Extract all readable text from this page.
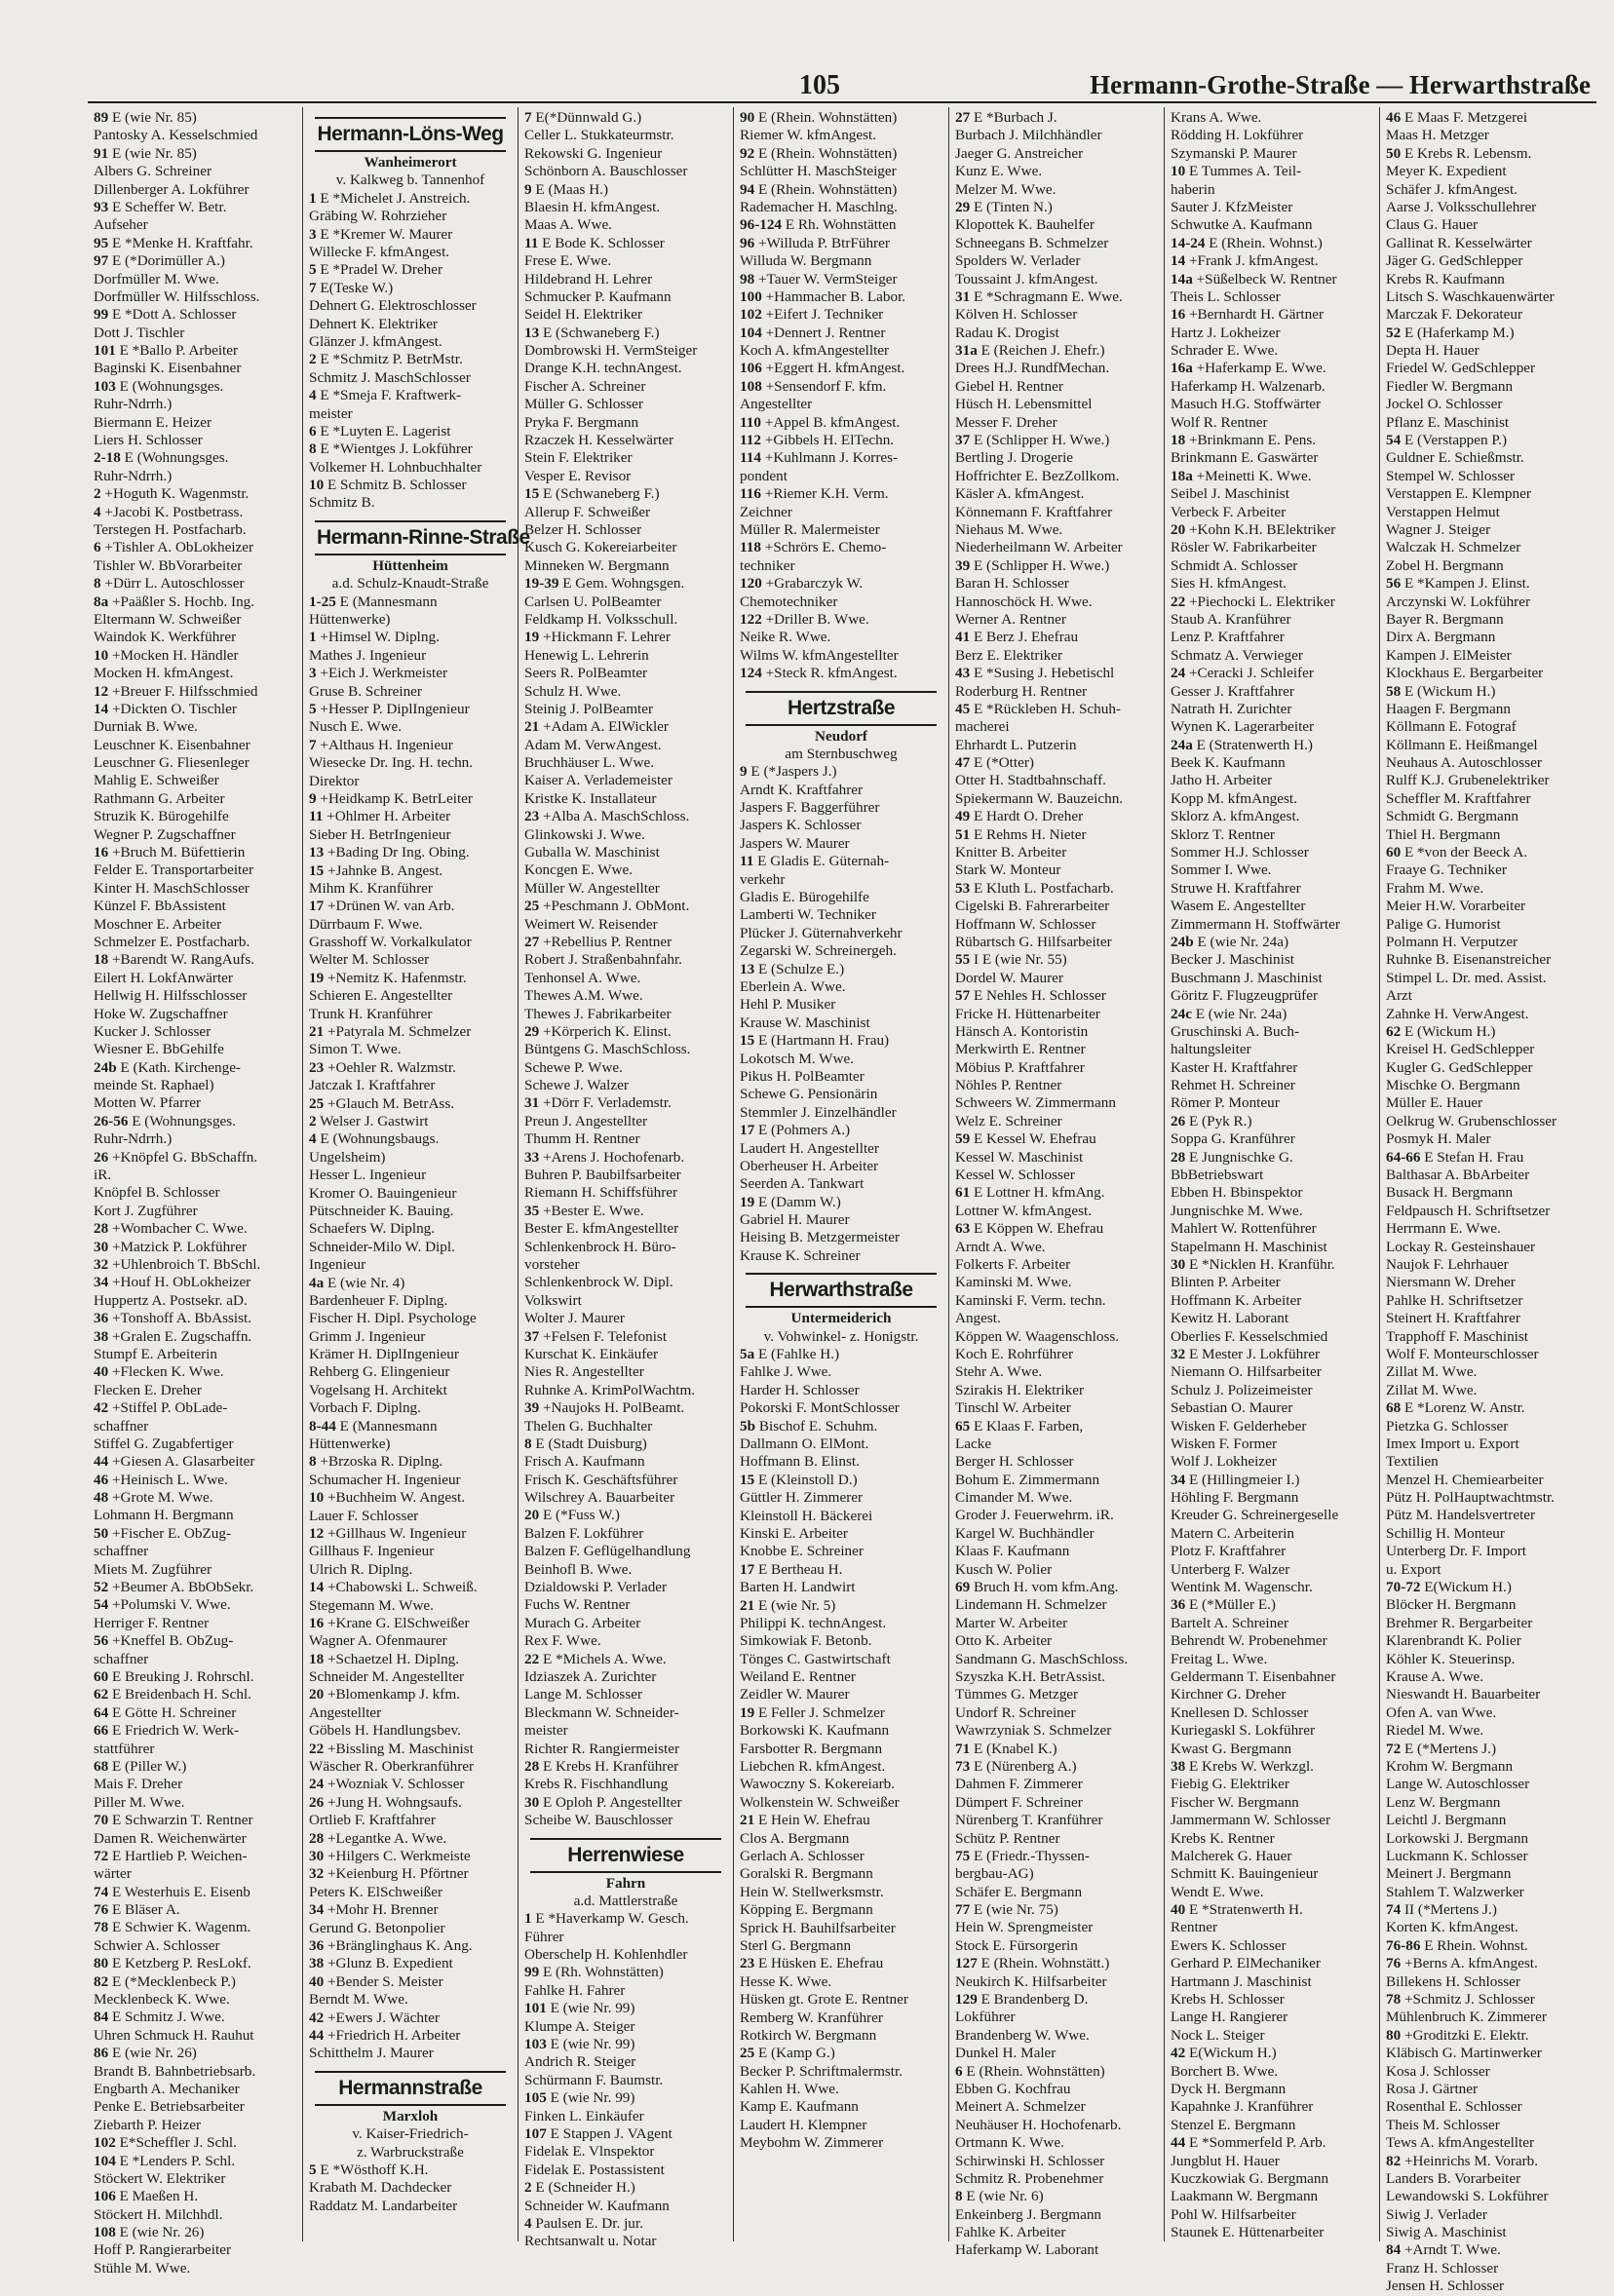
105	Hermann-Grothe-Straße — Herwarthstraße
89 E (wie Nr. 85)
Pantosky A. Kesselschmied
91 E (wie Nr. 85)
Albers G. Schreiner
Dillenberger A. Lokführer
93 E Scheffer W. Betr.
Aufseher
95 E *Menke H. Kraftfahr.
97 E (*Dorimüller A.)
Dorfmüller M. Wwe.
Dorfmüller W. Hilfsschloss.
99 E *Dott A. Schlosser
Dott J. Tischler
101 E *Ballo P. Arbeiter
Baginski K. Eisenbahner
103 E (Wohnungsges.
Ruhr-Ndrrh.)
Biermann E. Heizer
Liers H. Schlosser
2-18 E (Wohnungsges.
Ruhr-Ndrrh.)
2 +Hoguth K. Wagenmstr.
4 +Jacobi K. Postbetrass.
Terstegen H. Postfacharb.
6 +Tishler A. ObLokheizer
Tishler W. BbVorarbeiter
8 +Dürr L. Autoschlosser
8a +Paäßler S. Hochb. Ing.
Eltermann W. Schweißer
Waindok K. Werkführer
10 +Mocken H. Händler
Mocken H. kfmAngest.
12 +Breuer F. Hilfsschmied
14 +Dickten O. Tischler
Durniak B. Wwe.
Leuschner K. Eisenbahner
Leuschner G. Fliesenleger
Mahlig E. Schweißer
Rathmann G. Arbeiter
Struzik K. Bürogehilfe
Wegner P. Zugschaffner
16 +Bruch M. Büfettierin
Felder E. Transportarbeiter
Kinter H. MaschSchlosser
Künzel F. BbAssistent
Moschner E. Arbeiter
Schmelzer E. Postfacharb.
18 +Barendt W. RangAufs.
Eilert H. LokfAnwärter
Hellwig H. Hilfsschlosser
Hoke W. Zugschaffner
Kucker J. Schlosser
Wiesner E. BbGehilfe
24b E (Kath. Kirchenge-
meinde St. Raphael)
Motten W. Pfarrer
26-56 E (Wohnungsges.
Ruhr-Ndrrh.)
26 +Knöpfel G. BbSchaffn.
iR.
Knöpfel B. Schlosser
Kort J. Zugführer
28 +Wombacher C. Wwe.
30 +Matzick P. Lokführer
32 +Uhlenbroich T. BbSchl.
34 +Houf H. ObLokheizer
Huppertz A. Postsekr. aD.
36 +Tonshoff A. BbAssist.
38 +Gralen E. Zugschaffn.
Stumpf E. Arbeiterin
40 +Flecken K. Wwe.
Flecken E. Dreher
42 +Stiffel P. ObLade-
schaffner
Stiffel G. Zugabfertiger
44 +Giesen A. Glasarbeiter
46 +Heinisch L. Wwe.
48 +Grote M. Wwe.
Lohmann H. Bergmann
50 +Fischer E. ObZug-
schaffner
Miets M. Zugführer
52 +Beumer A. BbObSekr.
54 +Polumski V. Wwe.
Herriger F. Rentner
56 +Kneffel B. ObZug-
schaffner
60 E Breuking J. Rohrschl.
62 E Breidenbach H. Schl.
64 E Götte H. Schreiner
66 E Friedrich W. Werk-
stattführer
68 E (Piller W.)
Mais F. Dreher
Piller M. Wwe.
70 E Schwarzin T. Rentner
Damen R. Weichenwärter
72 E Hartlieb P. Weichen-
wärter
74 E Westerhuis E. Eisenb
76 E Bläser A.
78 E Schwier K. Wagenm.
Schwier A. Schlosser
80 E Ketzberg P. ResLokf.
82 E (*Mecklenbeck P.)
Mecklenbeck K. Wwe.
84 E Schmitz J. Wwe.
Uhren Schmuck H. Rauhut
86 E (wie Nr. 26)
Brandt B. Bahnbetriebsarb.
Engbarth A. Mechaniker
Penke E. Betriebsarbeiter
Ziebarth P. Heizer
102 E*Scheffler J. Schl.
104 E *Lenders P. Schl.
Stöckert W. Elektriker
106 E Maeßen H.
Stöckert H. Milchhdl.
108 E (wie Nr. 26)
Hoff P. Rangierarbeiter
Stühle M. Wwe.
Hermann-Löns-Weg
Wanheimerort
v. Kalkweg b. Tannenhof
1 E *Michelet J. Anstreich.
Gräbing W. Rohrzieher
3 E *Kremer W. Maurer
Willecke F. kfmAngest.
5 E *Pradel W. Dreher
7 E(Teske W.)
Dehnert G. Elektroschlosser
Dehnert K. Elektriker
Glänzer J. kfmAngest.
2 E *Schmitz P. BetrMstr.
Schmitz J. MaschSchlosser
4 E *Smeja F. Kraftwerk-
meister
6 E *Luyten E. Lagerist
8 E *Wientges J. Lokführer
Volkemer H. Lohnbuchhalter
10 E Schmitz B. Schlosser
Schmitz B.
Hermann-Rinne-Straße
Hüttenheim
a.d. Schulz-Knaudt-Straße
1-25 E (Mannesmann
Hüttenwerke)
1 +Himsel W. Diplng.
Mathes J. Ingenieur
3 +Eich J. Werkmeister
Gruse B. Schreiner
5 +Hesser P. DiplIngenieur
Nusch E. Wwe.
7 +Althaus H. Ingenieur
Wiesecke Dr. Ing. H. techn.
Direktor
9 +Heidkamp K. BetrLeiter
11 +Ohlmer H. Arbeiter
Sieber H. BetrIngenieur
13 +Bading Dr Ing. Obing.
15 +Jahnke B. Angest.
Mihm K. Kranführer
17 +Drünen W. van Arb.
Dürrbaum F. Wwe.
Grasshoff W. Vorkalkulator
Welter M. Schlosser
19 +Nemitz K. Hafenmstr.
Schieren E. Angestellter
Trunk H. Kranführer
21 +Patyrala M. Schmelzer
Simon T. Wwe.
23 +Oehler R. Walzmstr.
Jatczak I. Kraftfahrer
25 +Glauch M. BetrAss.
2 Welser J. Gastwirt
4 E (Wohnungsbaugs.
Ungelsheim)
Hesser L. Ingenieur
Kromer O. Bauingenieur
Pütschneider K. Bauing.
Schaefers W. Diplng.
Schneider-Milo W. Dipl.
Ingenieur
4a E (wie Nr. 4)
Bardenheuer F. Diplng.
Fischer H. Dipl. Psychologe
Grimm J. Ingenieur
Krämer H. DiplIngenieur
Rehberg G. Elingenieur
Vogelsang H. Architekt
Vorbach F. Diplng.
8-44 E (Mannesmann
Hüttenwerke)
8 +Brzoska R. Diplng.
Schumacher H. Ingenieur
10 +Buchheim W. Angest.
Lauer F. Schlosser
12 +Gillhaus W. Ingenieur
Gillhaus F. Ingenieur
Ulrich R. Diplng.
14 +Chabowski L. Schweiß.
Stegemann M. Wwe.
16 +Krane G. ElSchweißer
Wagner A. Ofenmaurer
18 +Schaetzel H. Diplng.
Schneider M. Angestellter
20 +Blomenkamp J. kfm.
Angestellter
Göbels H. Handlungsbev.
22 +Bissling M. Maschinist
Wäscher R. Oberkranführer
24 +Wozniak V. Schlosser
26 +Jung H. Wohngsaufs.
Ortlieb F. Kraftfahrer
28 +Legantke A. Wwe.
30 +Hilgers C. Werkmeiste
32 +Keienburg H. Pförtner
Peters K. ElSchweißer
34 +Mohr H. Brenner
Gerund G. Betonpolier
36 +Bränglinghaus K. Ang.
38 +Glunz B. Expedient
40 +Bender S. Meister
Berndt M. Wwe.
42 +Ewers J. Wächter
44 +Friedrich H. Arbeiter
Schitthelm J. Maurer
Hermannstraße
Marxloh
v. Kaiser-Friedrich-
z. Warbruckstraße
5 E *Wösthoff K.H.
Krabath M. Dachdecker
Raddatz M. Landarbeiter
7 E(*Dünnwald G.)
Celler L. Stukkateurmstr.
Rekowski G. Ingenieur
Schönborn A. Bauschlosser
9 E (Maas H.)
Blaesin H. kfmAngest.
Maas A. Wwe.
11 E Bode K. Schlosser
Frese E. Wwe.
Hildebrand H. Lehrer
Schmucker P. Kaufmann
Seidel H. Elektriker
13 E (Schwaneberg F.)
Dombrowski H. VermSteiger
Drange K.H. technAngest.
Fischer A. Schreiner
Müller G. Schlosser
Pryka F. Bergmann
Rzaczek H. Kesselwärter
Stein F. Elektriker
Vesper E. Revisor
15 E (Schwaneberg F.)
Allerup F. Schweißer
Belzer H. Schlosser
Kusch G. Kokereiarbeiter
Minneken W. Bergmann
19-39 E Gem. Wohngsgen.
Carlsen U. PolBeamter
Feldkamp H. Volksschull.
19 +Hickmann F. Lehrer
Henewig L. Lehrerin
Seers R. PolBeamter
Schulz H. Wwe.
Steinig J. PolBeamter
21 +Adam A. ElWickler
Adam M. VerwAngest.
Bruchhäuser L. Wwe.
Kaiser A. Verlademeister
Kristke K. Installateur
23 +Alba A. MaschSchloss.
Glinkowski J. Wwe.
Guballa W. Maschinist
Koncgen E. Wwe.
Müller W. Angestellter
25 +Peschmann J. ObMont.
Weimert W. Reisender
27 +Rebellius P. Rentner
Robert J. Straßenbahnfahr.
Tenhonsel A. Wwe.
Thewes A.M. Wwe.
Thewes J. Fabrikarbeiter
29 +Körperich K. Elinst.
Büntgens G. MaschSchloss.
Schewe P. Wwe.
Schewe J. Walzer
31 +Dörr F. Verlademstr.
Preun J. Angestellter
Thumm H. Rentner
33 +Arens J. Hochofenarb.
Buhren P. Baubilfsarbeiter
Riemann H. Schiffsführer
35 +Bester E. Wwe.
Bester E. kfmAngestellter
Schlenkenbrock H. Büro-
vorsteher
Schlenkenbrock W. Dipl.
Volkswirt
Wolter J. Maurer
37 +Felsen F. Telefonist
Kurschat K. Einkäufer
Nies R. Angestellter
Ruhnke A. KrimPolWachtm.
39 +Naujoks H. PolBeamt.
Thelen G. Buchhalter
8 E (Stadt Duisburg)
Frisch A. Kaufmann
Frisch K. Geschäftsführer
Wilschrey A. Bauarbeiter
20 E (*Fuss W.)
Balzen F. Lokführer
Balzen F. Geflügelhandlung
Beinhofl B. Wwe.
Dzialdowski P. Verlader
Fuchs W. Rentner
Murach G. Arbeiter
Rex F. Wwe.
22 E *Michels A. Wwe.
Idziaszek A. Zurichter
Lange M. Schlosser
Bleckmann W. Schneider-
meister
Richter R. Rangiermeister
28 E Krebs H. Kranführer
Krebs R. Fischhandlung
30 E Oploh P. Angestellter
Scheibe W. Bauschlosser
Herrenwiese
Fahrn
a.d. Mattlerstraße
1 E *Haverkamp W. Gesch.
Führer
Oberschelp H. Kohlenhdler
99 E (Rh. Wohnstätten)
Fahlke H. Fahrer
101 E (wie Nr. 99)
Klumpe A. Steiger
103 E (wie Nr. 99)
Andrich R. Steiger
Schürmann F. Baumstr.
105 E (wie Nr. 99)
Finken L. Einkäufer
107 E Stappen J. VAgent
Fidelak E. Vlnspektor
Fidelak E. Postassistent
2 E (Schneider H.)
Schneider W. Kaufmann
4 Paulsen E. Dr. jur.
Rechtsanwalt u. Notar
90 E (Rhein. Wohnstätten)
Riemer W. kfmAngest.
92 E (Rhein. Wohnstätten)
Schlütter H. MaschSteiger
94 E (Rhein. Wohnstätten)
Rademacher H. Maschlng.
96-124 E Rh. Wohnstätten
96 +Willuda P. BtrFührer
Willuda W. Bergmann
98 +Tauer W. VermSteiger
100 +Hammacher B. Labor.
102 +Eifert J. Techniker
104 +Dennert J. Rentner
Koch A. kfmAngestellter
106 +Eggert H. kfmAngest.
108 +Sensendorf F. kfm.
Angestellter
110 +Appel B. kfmAngest.
112 +Gibbels H. ElTechn.
114 +Kuhlmann J. Korres-
pondent
116 +Riemer K.H. Verm.
Zeichner
Müller R. Malermeister
118 +Schrörs E. Chemo-
techniker
120 +Grabarczyk W.
Chemotechniker
122 +Driller B. Wwe.
Neike R. Wwe.
Wilms W. kfmAngestellter
124 +Steck R. kfmAngest.
Hertzstraße
Neudorf
am Sternbuschweg
9 E (*Jaspers J.)
Arndt K. Kraftfahrer
Jaspers F. Baggerführer
Jaspers K. Schlosser
Jaspers W. Maurer
11 E Gladis E. Güternah-
verkehr
Gladis E. Bürogehilfe
Lamberti W. Techniker
Plücker J. Güternahverkehr
Zegarski W. Schreinergeh.
13 E (Schulze E.)
Eberlein A. Wwe.
Hehl P. Musiker
Krause W. Maschinist
15 E (Hartmann H. Frau)
Lokotsch M. Wwe.
Pikus H. PolBeamter
Schewe G. Pensionärin
Stemmler J. Einzelhändler
17 E (Pohmers A.)
Laudert H. Angestellter
Oberheuser H. Arbeiter
Seerden A. Tankwart
19 E (Damm W.)
Gabriel H. Maurer
Heising B. Metzgermeister
Krause K. Schreiner
Herwarthstraße
Untermeiderich
v. Vohwinkel- z. Honigstr.
5a E (Fahlke H.)
Fahlke J. Wwe.
Harder H. Schlosser
Pokorski F. MontSchlosser
5b Bischof E. Schuhm.
Dallmann O. ElMont.
Hoffmann B. Elinst.
15 E (Kleinstoll D.)
Güttler H. Zimmerer
Kleinstoll H. Bäckerei
Kinski E. Arbeiter
Knobbe E. Schreiner
17 E Bertheau H.
Barten H. Landwirt
21 E (wie Nr. 5)
Philippi K. technAngest.
Simkowiak F. Betonb.
Tönges C. Gastwirtschaft
Weiland E. Rentner
Zeidler W. Maurer
19 E Feller J. Schmelzer
Borkowski K. Kaufmann
Farsbotter R. Bergmann
Liebchen R. kfmAngest.
Wawoczny S. Kokereiarb.
Wolkenstein W. Schweißer
21 E Hein W. Ehefrau
Clos A. Bergmann
Gerlach A. Schlosser
Goralski R. Bergmann
Hein W. Stellwerksmstr.
Köpping E. Bergmann
Sprick H. Bauhilfsarbeiter
Sterl G. Bergmann
23 E Hüsken E. Ehefrau
Hesse K. Wwe.
Hüsken gt. Grote E. Rentner
Remberg W. Kranführer
Rotkirch W. Bergmann
25 E (Kamp G.)
Becker P. Schriftmalermstr.
Kahlen H. Wwe.
Kamp E. Kaufmann
Laudert H. Klempner
Meybohm W. Zimmerer
27 E *Burbach J.
Burbach J. Milchhändler
Jaeger G. Anstreicher
Kunz E. Wwe.
Melzer M. Wwe.
29 E (Tinten N.)
Klopottek K. Bauhelfer
Schneegans B. Schmelzer
Spolders W. Verlader
Toussaint J. kfmAngest.
31 E *Schragmann E. Wwe.
Kölven H. Schlosser
Radau K. Drogist
31a E (Reichen J. Ehefr.)
Drees H.J. RundfMechan.
Giebel H. Rentner
Hüsch H. Lebensmittel
Messer F. Dreher
37 E (Schlipper H. Wwe.)
Bertling J. Drogerie
Hoffrichter E. BezZollkom.
Käsler A. kfmAngest.
Könnemann F. Kraftfahrer
Niehaus M. Wwe.
Niederheilmann W. Arbeiter
39 E (Schlipper H. Wwe.)
Baran H. Schlosser
Hannoschöck H. Wwe.
Werner A. Rentner
41 E Berz J. Ehefrau
Berz E. Elektriker
43 E *Susing J. Hebetischl
Roderburg H. Rentner
45 E *Rückleben H. Schuh-
macherei
Ehrhardt L. Putzerin
47 E (*Otter)
Otter H. Stadtbahnschaff.
Spiekermann W. Bauzeichn.
49 E Hardt O. Dreher
51 E Rehms H. Nieter
Knitter B. Arbeiter
Stark W. Monteur
53 E Kluth L. Postfacharb.
Cigelski B. Fahrerarbeiter
Hoffmann W. Schlosser
Rübartsch G. Hilfsarbeiter
55 I E (wie Nr. 55)
Dordel W. Maurer
57 E Nehles H. Schlosser
Fricke H. Hüttenarbeiter
Hänsch A. Kontoristin
Merkwirth E. Rentner
Möbius P. Kraftfahrer
Nöhles P. Rentner
Schweers W. Zimmermann
Welz E. Schreiner
59 E Kessel W. Ehefrau
Kessel W. Maschinist
Kessel W. Schlosser
61 E Lottner H. kfmAng.
Lottner W. kfmAngest.
63 E Köppen W. Ehefrau
Arndt A. Wwe.
Folkerts F. Arbeiter
Kaminski M. Wwe.
Kaminski F. Verm. techn.
Angest.
Köppen W. Waagenschloss.
Koch E. Rohrführer
Stehr A. Wwe.
Szirakis H. Elektriker
Tinschl W. Arbeiter
65 E Klaas F. Farben,
Lacke
Berger H. Schlosser
Bohum E. Zimmermann
Cimander M. Wwe.
Groder J. Feuerwehrm. iR.
Kargel W. Buchhändler
Klaas F. Kaufmann
Kusch W. Polier
69 Bruch H. vom kfm.Ang.
Lindemann H. Schmelzer
Marter W. Arbeiter
Otto K. Arbeiter
Sandmann G. MaschSchloss.
Szyszka K.H. BetrAssist.
Tümmes G. Metzger
Undorf R. Schreiner
Wawrzyniak S. Schmelzer
71 E (Knabel K.)
73 E (Nürenberg A.)
Dahmen F. Zimmerer
Dümpert F. Schreiner
Nürenberg T. Kranführer
Schütz P. Rentner
75 E (Friedr.-Thyssen-
bergbau-AG)
Schäfer E. Bergmann
77 E (wie Nr. 75)
Hein W. Sprengmeister
Stock E. Fürsorgerin
127 E (Rhein. Wohnstätt.)
Neukirch K. Hilfsarbeiter
129 E Brandenberg D.
Lokführer
Brandenberg W. Wwe.
Dunkel H. Maler
6 E (Rhein. Wohnstätten)
Ebben G. Kochfrau
Meinert A. Schmelzer
Neuhäuser H. Hochofenarb.
Ortmann K. Wwe.
Schirwinski H. Schlosser
Schmitz R. Probenehmer
8 E (wie Nr. 6)
Enkeinberg J. Bergmann
Fahlke K. Arbeiter
Haferkamp W. Laborant
Krans A. Wwe.
Rödding H. Lokführer
Szymanski P. Maurer
10 E Tummes A. Teil-
haberin
Sauter J. KfzMeister
Schwutke A. Kaufmann
14-24 E (Rhein. Wohnst.)
14 +Frank J. kfmAngest.
14a +Süßelbeck W. Rentner
Theis L. Schlosser
16 +Bernhardt H. Gärtner
Hartz J. Lokheizer
Schrader E. Wwe.
16a +Haferkamp E. Wwe.
Haferkamp H. Walzenarb.
Masuch H.G. Stoffwärter
Wolf R. Rentner
18 +Brinkmann E. Pens.
Brinkmann E. Gaswärter
18a +Meinetti K. Wwe.
Seibel J. Maschinist
Verbeck F. Arbeiter
20 +Kohn K.H. BElektriker
Rösler W. Fabrikarbeiter
Schmidt A. Schlosser
Sies H. kfmAngest.
22 +Piechocki L. Elektriker
Staub A. Kranführer
Lenz P. Kraftfahrer
Schmatz A. Verwieger
24 +Ceracki J. Schleifer
Gesser J. Kraftfahrer
Natrath H. Zurichter
Wynen K. Lagerarbeiter
24a E (Stratenwerth H.)
Beek K. Kaufmann
Jatho H. Arbeiter
Kopp M. kfmAngest.
Sklorz A. kfmAngest.
Sklorz T. Rentner
Sommer H.J. Schlosser
Sommer I. Wwe.
Struwe H. Kraftfahrer
Wasem E. Angestellter
Zimmermann H. Stoffwärter
24b E (wie Nr. 24a)
Becker J. Maschinist
Buschmann J. Maschinist
Göritz F. Flugzeugprüfer
24c E (wie Nr. 24a)
Gruschinski A. Buch-
haltungsleiter
Kaster H. Kraftfahrer
Rehmet H. Schreiner
Römer P. Monteur
26 E (Pyk R.)
Soppa G. Kranführer
28 E Jungnischke G.
BbBetriebswart
Ebben H. Bbinspektor
Jungnischke M. Wwe.
Mahlert W. Rottenführer
Stapelmann H. Maschinist
30 E *Nicklen H. Kranführ.
Blinten P. Arbeiter
Hoffmann K. Arbeiter
Kewitz H. Laborant
Oberlies F. Kesselschmied
32 E Mester J. Lokführer
Niemann O. Hilfsarbeiter
Schulz J. Polizeimeister
Sebastian O. Maurer
Wisken F. Gelderheber
Wisken F. Former
Wolf J. Lokheizer
34 E (Hillingmeier I.)
Höhling F. Bergmann
Kreuder G. Schreinergeselle
Matern C. Arbeiterin
Plotz F. Kraftfahrer
Unterberg F. Walzer
Wentink M. Wagenschr.
36 E (*Müller E.)
Bartelt A. Schreiner
Behrendt W. Probenehmer
Freitag L. Wwe.
Geldermann T. Eisenbahner
Kirchner G. Dreher
Knellesen D. Schlosser
Kuriegaskl S. Lokführer
Kwast G. Bergmann
38 E Krebs W. Werkzgl.
Fiebig G. Elektriker
Fischer W. Bergmann
Jammermann W. Schlosser
Krebs K. Rentner
Malcherek G. Hauer
Schmitt K. Bauingenieur
Wendt E. Wwe.
40 E *Stratenwerth H.
Rentner
Ewers K. Schlosser
Gerhard P. ElMechaniker
Hartmann J. Maschinist
Krebs H. Schlosser
Lange H. Rangierer
Nock L. Steiger
42 E(Wickum H.)
Borchert B. Wwe.
Dyck H. Bergmann
Kapahnke J. Kranführer
Stenzel E. Bergmann
44 E *Sommerfeld P. Arb.
Jungblut H. Hauer
Kuczkowiak G. Bergmann
Laakmann W. Bergmann
Pohl W. Hilfsarbeiter
Staunek E. Hüttenarbeiter
46 E Maas F. Metzgerei
Maas H. Metzger
50 E Krebs R. Lebensm.
Meyer K. Expedient
Schäfer J. kfmAngest.
Aarse J. Volksschullehrer
Claus G. Hauer
Gallinat R. Kesselwärter
Jäger G. GedSchlepper
Krebs R. Kaufmann
Litsch S. Waschkauenwärter
Marczak F. Dekorateur
52 E (Haferkamp M.)
Depta H. Hauer
Friedel W. GedSchlepper
Fiedler W. Bergmann
Jockel O. Schlosser
Pflanz E. Maschinist
54 E (Verstappen P.)
Guldner E. Schießmstr.
Stempel W. Schlosser
Verstappen E. Klempner
Verstappen Helmut
Wagner J. Steiger
Walczak H. Schmelzer
Zobel H. Bergmann
56 E *Kampen J. Elinst.
Arczynski W. Lokführer
Bayer R. Bergmann
Dirx A. Bergmann
Kampen J. ElMeister
Klockhaus E. Bergarbeiter
58 E (Wickum H.)
Haagen F. Bergmann
Köllmann E. Fotograf
Köllmann E. Heißmangel
Neuhaus A. Autoschlosser
Rulff K.J. Grubenelektriker
Scheffler M. Kraftfahrer
Schmidt G. Bergmann
Thiel H. Bergmann
60 E *von der Beeck A.
Fraaye G. Techniker
Frahm M. Wwe.
Meier H.W. Vorarbeiter
Palige G. Humorist
Polmann H. Verputzer
Ruhnke B. Eisenanstreicher
Stimpel L. Dr. med. Assist.
Arzt
Zahnke H. VerwAngest.
62 E (Wickum H.)
Kreisel H. GedSchlepper
Kugler G. GedSchlepper
Mischke O. Bergmann
Müller E. Hauer
Oelkrug W. Grubenschlosser
Posmyk H. Maler
64-66 E Stefan H. Frau
Balthasar A. BbArbeiter
Busack H. Bergmann
Feldpausch H. Schriftsetzer
Herrmann E. Wwe.
Lockay R. Gesteinshauer
Naujok F. Lehrhauer
Niersmann W. Dreher
Pahlke H. Schriftsetzer
Steinert H. Kraftfahrer
Trapphoff F. Maschinist
Wolf F. Monteurschlosser
Zillat M. Wwe.
Zillat M. Wwe.
68 E *Lorenz W. Anstr.
Pietzka G. Schlosser
Imex Import u. Export
Textilien
Menzel H. Chemiearbeiter
Pütz H. PolHauptwachtmstr.
Pütz M. Handelsvertreter
Schillig H. Monteur
Unterberg Dr. F. Import
u. Export
70-72 E(Wickum H.)
Blöcker H. Bergmann
Brehmer R. Bergarbeiter
Klarenbrandt K. Polier
Köhler K. Steuerinsp.
Krause A. Wwe.
Nieswandt H. Bauarbeiter
Ofen A. van Wwe.
Riedel M. Wwe.
72 E (*Mertens J.)
Krohm W. Bergmann
Lange W. Autoschlosser
Lenz W. Bergmann
Leichtl J. Bergmann
Lorkowski J. Bergmann
Luckmann K. Schlosser
Meinert J. Bergmann
Stahlem T. Walzwerker
74 II (*Mertens J.)
Korten K. kfmAngest.
76-86 E Rhein. Wohnst.
76 +Berns A. kfmAngest.
Billekens H. Schlosser
78 +Schmitz J. Schlosser
Mühlenbruch K. Zimmerer
80 +Groditzki E. Elektr.
Kläbisch G. Martinwerker
Kosa J. Schlosser
Rosa J. Gärtner
Rosenthal E. Schlosser
Theis M. Schlosser
Tews A. kfmAngestellter
82 +Heinrichs M. Vorarb.
Landers B. Vorarbeiter
Lewandowski S. Lokführer
Siwig J. Verlader
Siwig A. Maschinist
84 +Arndt T. Wwe.
Franz H. Schlosser
Jensen H. Schlosser
